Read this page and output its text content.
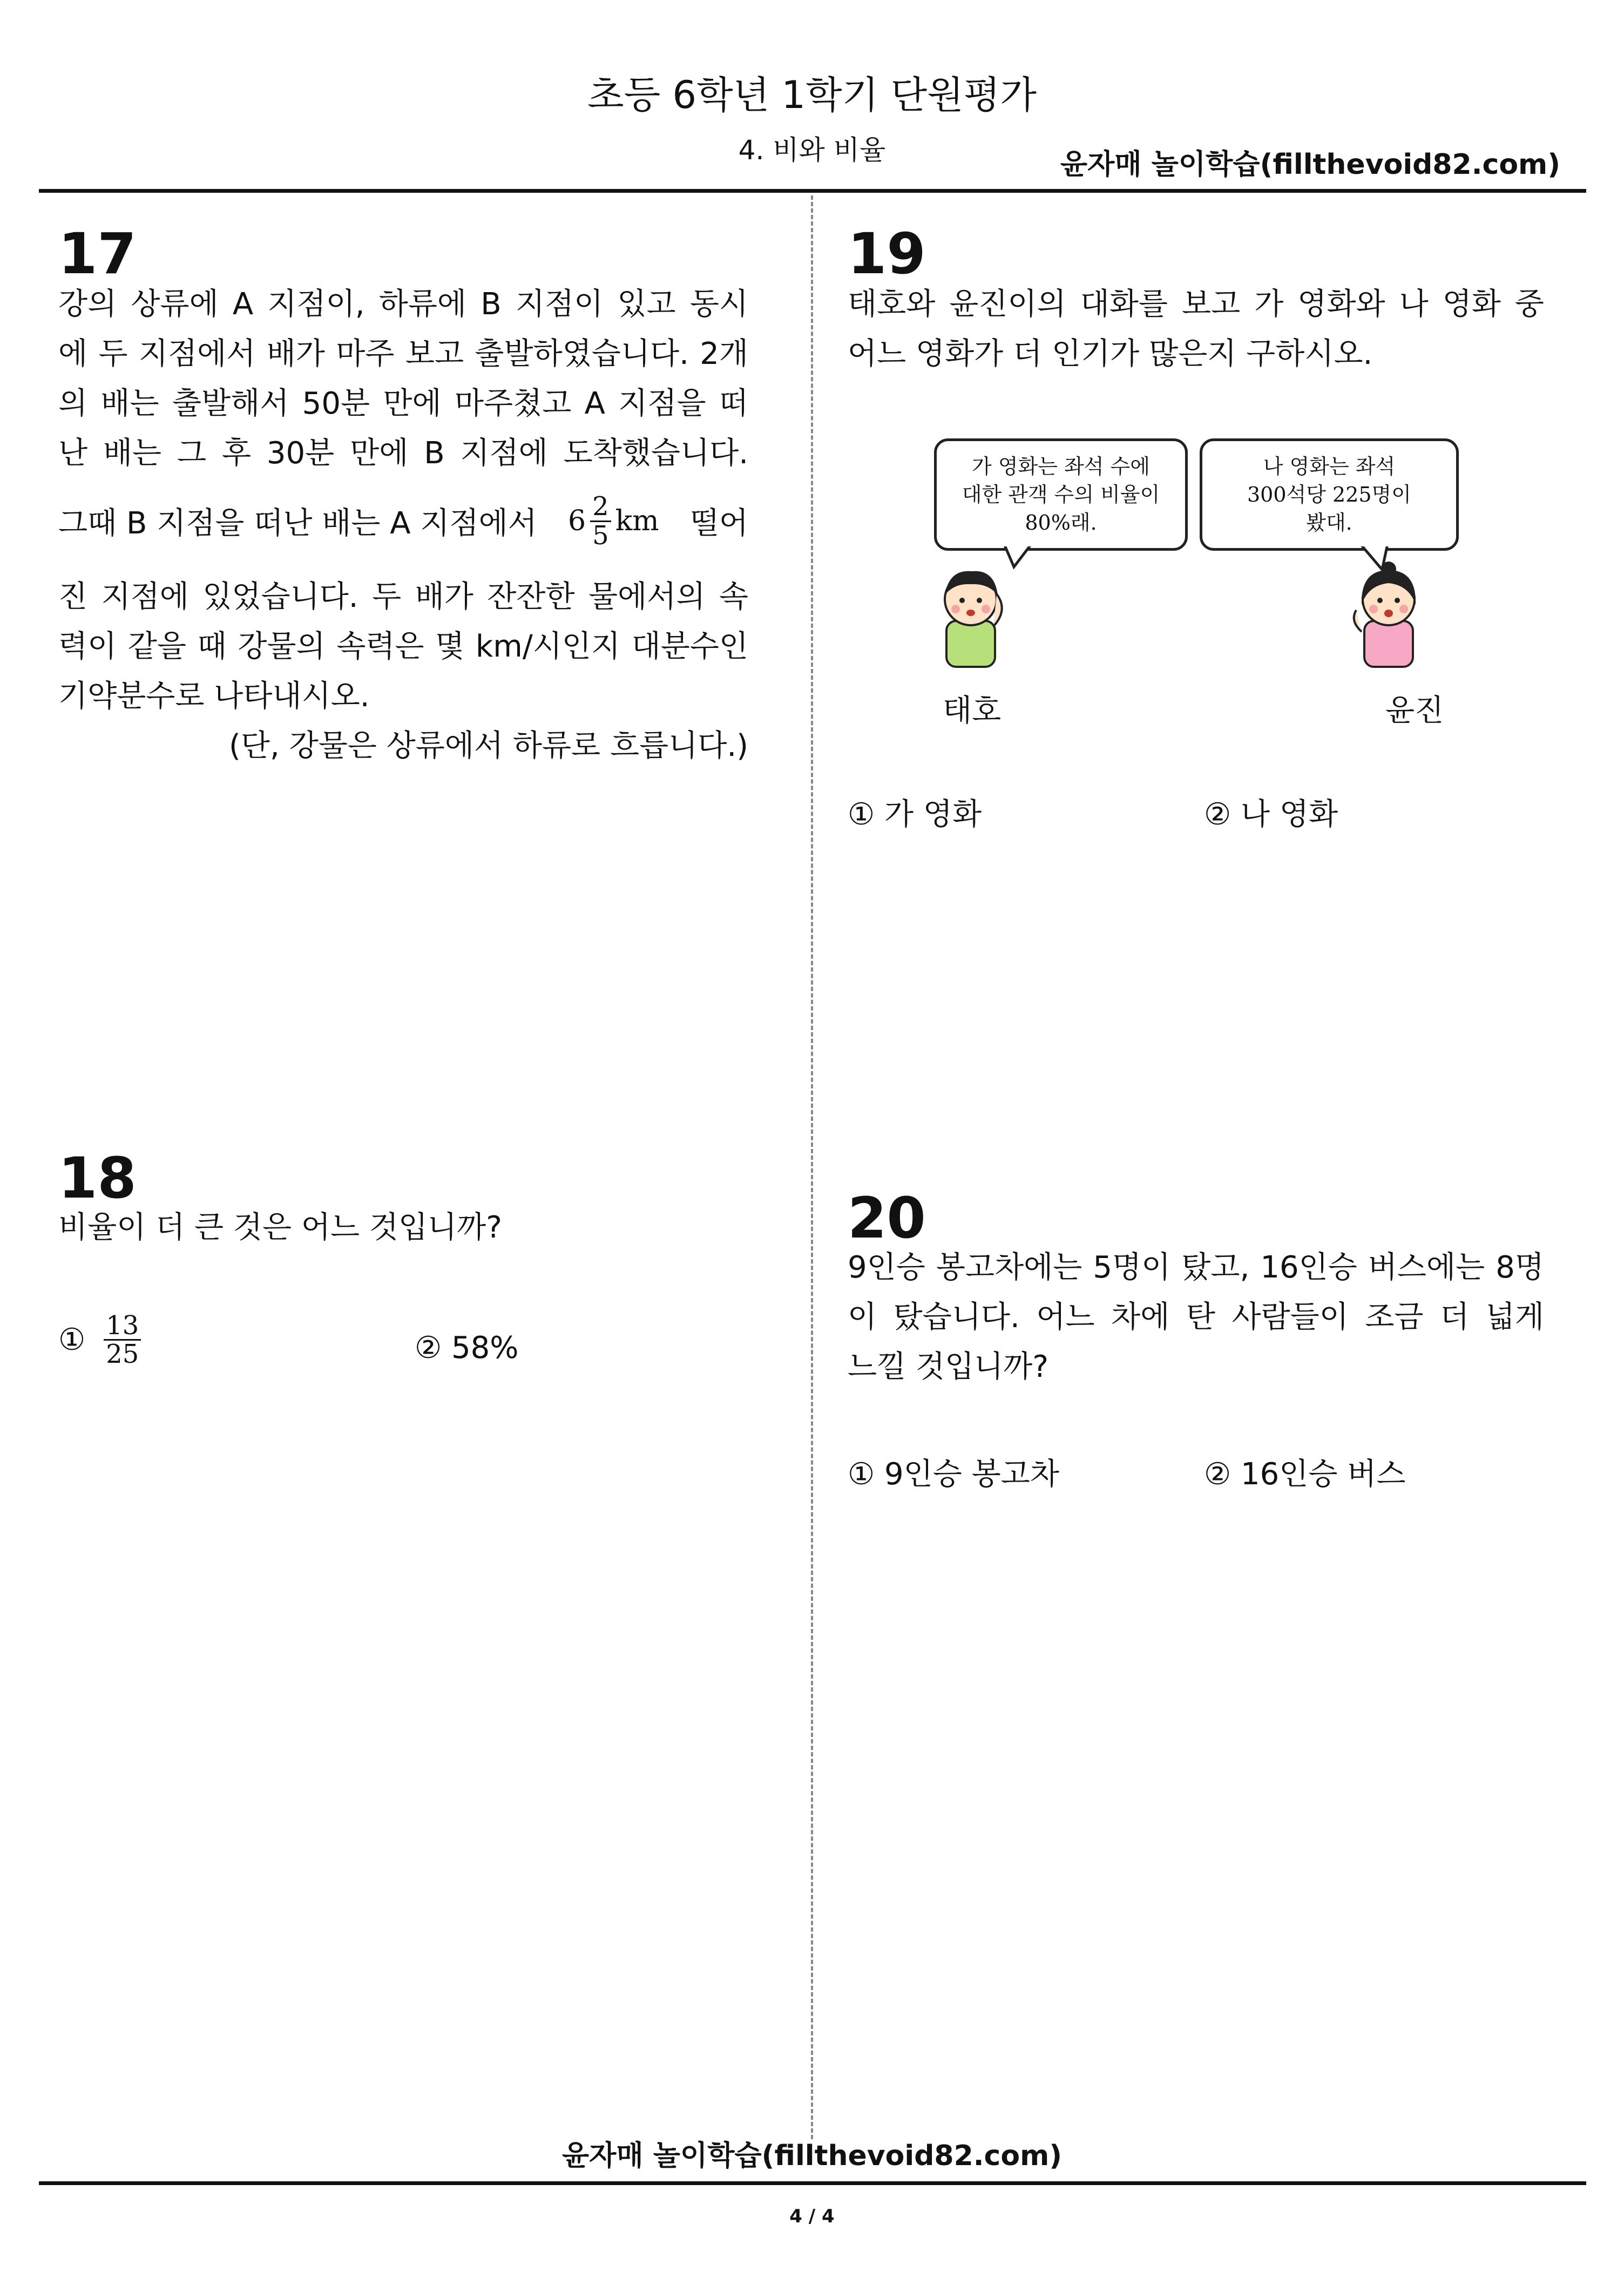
초등 6학년 1학기 단원평가
4. 비와 비율	윤자매 놀이학습(fillthevoid82.com)
17
강의 상류에 A 지점이, 하류에 B 지점이 있고 동시
에 두 지점에서 배가 마주 보고 출발하였습니다. 2개
의 배는 출발해서 50분 만에 마주쳤고 A 지점을 떠
난 배는 그 후 30분 만에 B 지점에 도착했습니다.
그때 B 지점을 떠난 배는 A 지점에서 $6 \frac{2}{5}$ km 떨어
진 지점에 있었습니다. 두 배가 잔잔한 물에서의 속
력이 같을 때 강물의 속력은 몇 km/시인지 대분수인
기약분수로 나타내시오.
(단, 강물은 상류에서 하류로 흐릅니다.)
18
비율이 더 큰 것은 어느 것입니까?
① $\frac{13}{25}$	② 58%
19
태호와 윤진이의 대화를 보고 가 영화와 나 영화 중
어느 영화가 더 인기가 많은지 구하시오.
가 영화는 좌석 수에
대한 관객 수의 비율이
80%래.
나 영화는 좌석
300석당 225명이
봤대.
태호	윤진
① 가 영화	② 나 영화
20
9인승 봉고차에는 5명이 탔고, 16인승 버스에는 8명
이 탔습니다. 어느 차에 탄 사람들이 조금 더 넓게
느낄 것입니까?
① 9인승 봉고차	② 16인승 버스
윤자매 놀이학습(fillthevoid82.com)
4 / 4
